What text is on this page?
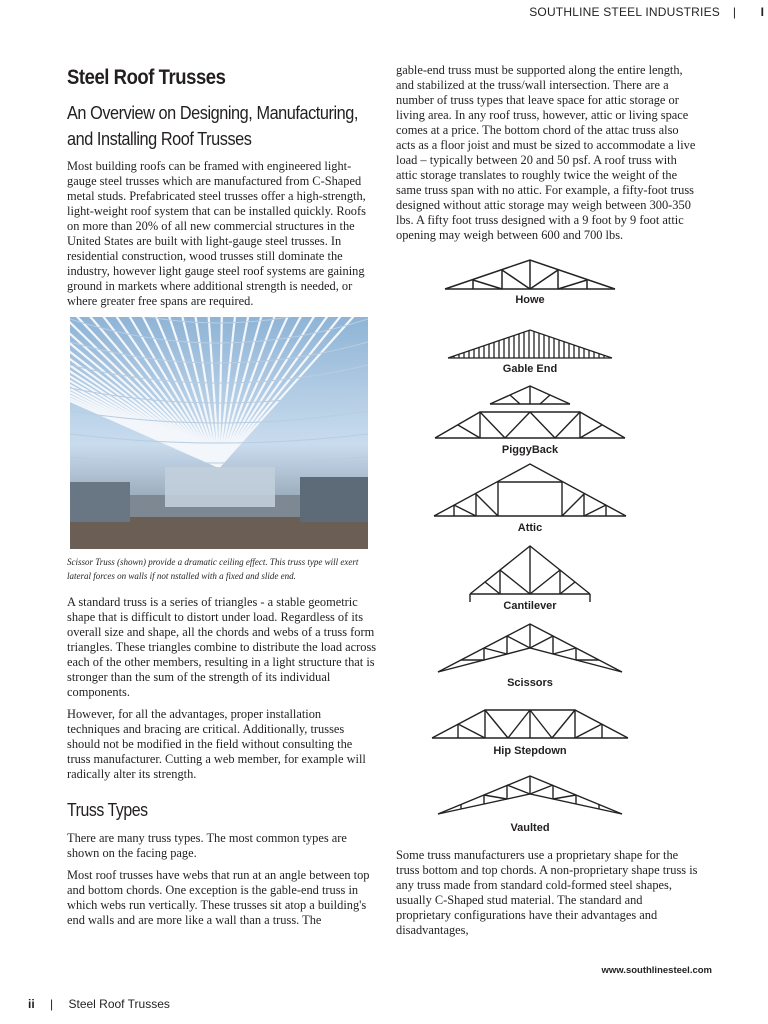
SOUTHLINE STEEL INDUSTRIES | I
Steel Roof Trusses
An Overview on Designing, Manufacturing, and Installing Roof Trusses

Most building roofs can be framed with engineered light-gauge steel trusses which are manufactured from C-Shaped metal studs. Prefabricated steel trusses offer a high-strength, light-weight roof system that can be installed quickly. Roofs on more than 20% of all new commercial structures in the United States are built with light-gauge steel trusses. In residential construction, wood trusses still dominate the industry, however light gauge steel roof systems are gaining ground in markets where additional strength is needed, or where greater free spans are required.

Scissor Truss (shown) provide a dramatic ceiling effect. This truss type will exert lateral forces on walls if not nstalled with a fixed and slide end.

A standard truss is a series of triangles - a stable geometric shape that is difficult to distort under load. Regardless of its overall size and shape, all the chords and webs of a truss form triangles. These triangles combine to distribute the load across each of the other members, resulting in a light structure that is stronger than the sum of the strength of its individual components.

However, for all the advantages, proper installation techniques and bracing are critical. Additionally, trusses should not be modified in the field without consulting the truss manufacturer. Cutting a web member, for example will radically alter its strength.

Truss Types

There are many truss types. The most common types are shown on the facing page.

Most roof trusses have webs that run at an angle between top and bottom chords. One exception is the gable-end truss in which webs run vertically. These trusses sit atop a building's end walls and are more like a wall than a truss. The

gable-end truss must be supported along the entire length, and stabilized at the truss/wall intersection. There are a number of truss types that leave space for attic storage or living area. In any roof truss, however, attic or living space comes at a price. The bottom chord of the attac truss also acts as a floor joist and must be sized to accommodate a live load – typically between 20 and 50 psf. A roof truss with attic storage translates to roughly twice the weight of the same truss span with no attic. For example, a fifty-foot truss designed without attic storage may weigh between 300-350 lbs. A fifty foot truss designed with a 9 foot by 9 foot attic opening may weigh between 600 and 700 lbs.

Howe
Gable End
PiggyBack
Attic
Cantilever
Scissors
Hip Stepdown
Vaulted

Some truss manufacturers use a proprietary shape for the truss bottom and top chords. A non-proprietary shape truss is any truss made from standard cold-formed steel shapes, usually C-Shaped stud material. The standard and proprietary configurations have their advantages and disadvantages,

www.southlinesteel.com
ii | Steel Roof Trusses
